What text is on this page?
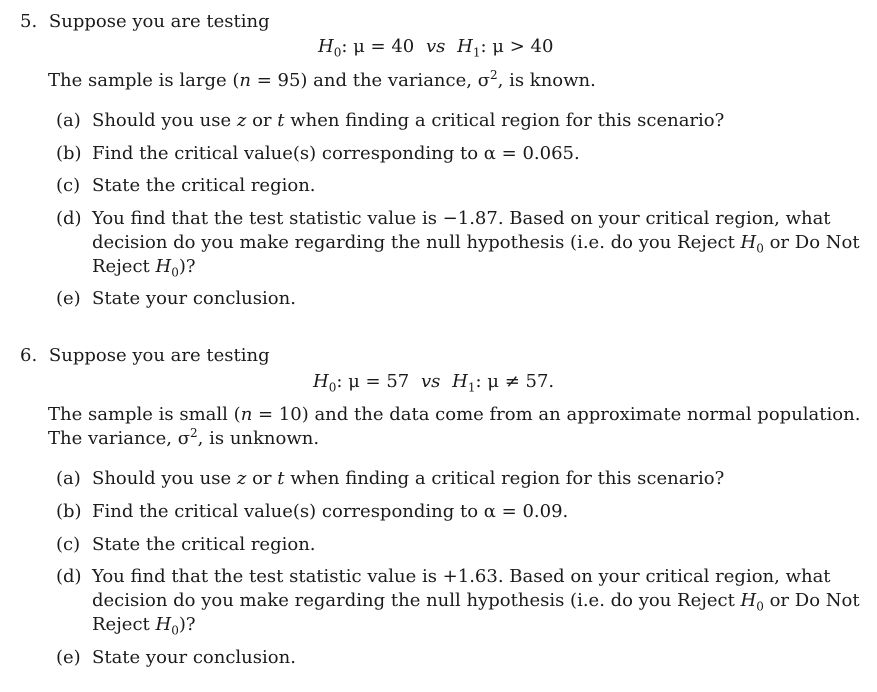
5. Suppose you are testing
$H_0$: μ = 40 vs $H_1$: μ > 40
The sample is large (n = 95) and the variance, $\sigma^2$, is known.
(a) Should you use z or t when finding a critical region for this scenario?
(b) Find the critical value(s) corresponding to α = 0.065.
(c) State the critical region.
(d) You find that the test statistic value is −1.87. Based on your critical region, what
decision do you make regarding the null hypothesis (i.e. do you Reject $H_0$ or Do Not
Reject $H_0$)?
(e) State your conclusion.
6. Suppose you are testing
$H_0$: μ = 57 vs $H_1$: μ ≠ 57.
The sample is small (n = 10) and the data come from an approximate normal population.
The variance, $\sigma^2$, is unknown.
(a) Should you use z or t when finding a critical region for this scenario?
(b) Find the critical value(s) corresponding to α = 0.09.
(c) State the critical region.
(d) You find that the test statistic value is +1.63. Based on your critical region, what
decision do you make regarding the null hypothesis (i.e. do you Reject $H_0$ or Do Not
Reject $H_0$)?
(e) State your conclusion.
